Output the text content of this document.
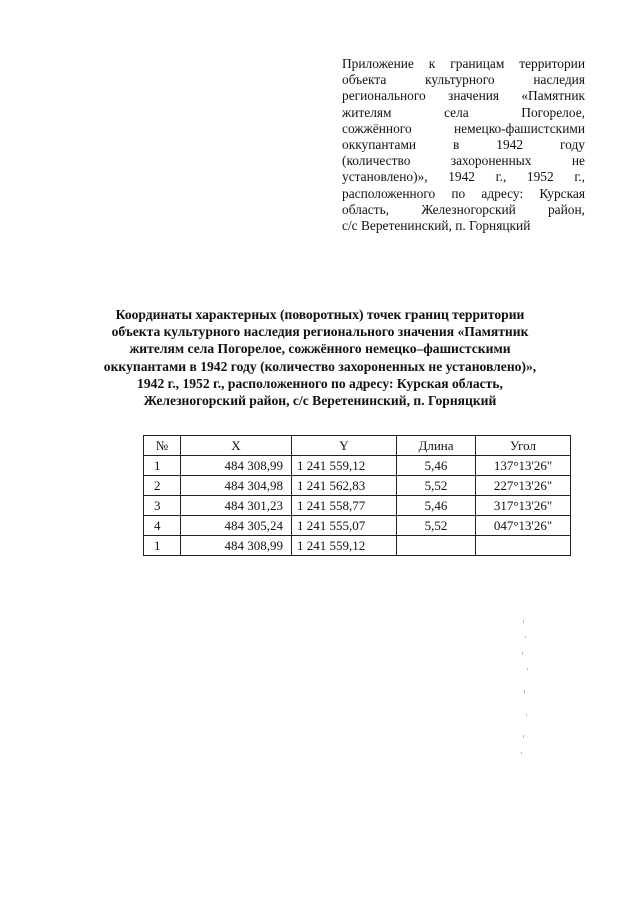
Приложение к границам территории
объекта культурного наследия
регионального значения «Памятник
жителям села Погорелое,
сожжённого немецко-фашистскими
оккупантами в 1942 году
(количество захороненных не
установлено)», 1942 г., 1952 г.,
расположенного по адресу: Курская
область, Железногорский район,
с/с Веретенинский, п. Горняцкий
Координаты характерных (поворотных) точек границ территории
объекта культурного наследия регионального значения «Памятник
жителям села Погорелое, сожжённого немецко–фашистскими
оккупантами в 1942 году (количество захороненных не установлено)»,
1942 г., 1952 г., расположенного по адресу: Курская область,
Железногорский район, с/с Веретенинский, п. Горняцкий
№	X	Y	Длина	Угол
1	484 308,99	1 241 559,12	5,46	137°13'26"
2	484 304,98	1 241 562,83	5,52	227°13'26"
3	484 301,23	1 241 558,77	5,46	317°13'26"
4	484 305,24	1 241 555,07	5,52	047°13'26"
1	484 308,99	1 241 559,12		
